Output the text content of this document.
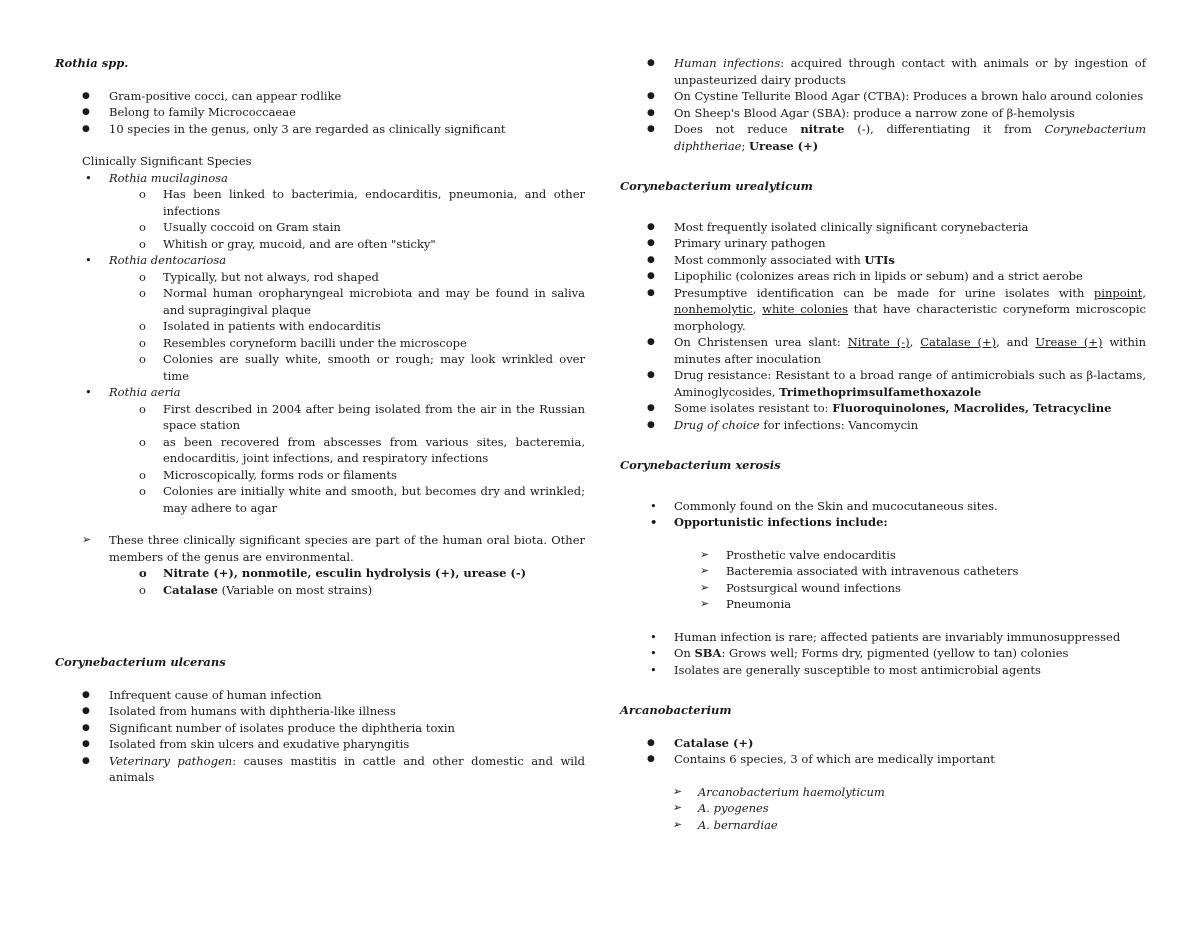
Rothia spp.

● Gram-positive cocci, can appear rodlike
● Belong to family Micrococcaeae
● 10 species in the genus, only 3 are regarded as clinically significant

Clinically Significant Species

• Rothia mucilaginosa
o Has been linked to bacterimia, endocarditis, pneumonia, and other infections
o Usually coccoid on Gram stain
o Whitish or gray, mucoid, and are often "sticky"
• Rothia dentocariosa
o Typically, but not always, rod shaped
o Normal human oropharyngeal microbiota and may be found in saliva and supragingival plaque
o Isolated in patients with endocarditis
o Resembles coryneform bacilli under the microscope
o Colonies are sually white, smooth or rough; may look wrinkled over time
• Rothia aeria
o First described in 2004 after being isolated from the air in the Russian space station
o as been recovered from abscesses from various sites, bacteremia, endocarditis, joint infections, and respiratory infections
o Microscopically, forms rods or filaments
o Colonies are initially white and smooth, but becomes dry and wrinkled; may adhere to agar
➢ These three clinically significant species are part of the human oral biota. Other members of the genus are environmental.
o Nitrate (+), nonmotile, esculin hydrolysis (+), urease (-)
o Catalase (Variable on most strains)

Corynebacterium ulcerans

● Infrequent cause of human infection
● Isolated from humans with diphtheria-like illness
● Significant number of isolates produce the diphtheria toxin
● Isolated from skin ulcers and exudative pharyngitis
● Veterinary pathogen: causes mastitis in cattle and other domestic and wild animals
● Human infections: acquired through contact with animals or by ingestion of unpasteurized dairy products
● On Cystine Tellurite Blood Agar (CTBA): Produces a brown halo around colonies
● On Sheep's Blood Agar (SBA): produce a narrow zone of β-hemolysis
● Does not reduce nitrate (-), differentiating it from Corynebacterium diphtheriae; Urease (+)

Corynebacterium urealyticum

● Most frequently isolated clinically significant corynebacteria
● Primary urinary pathogen
● Most commonly associated with UTIs
● Lipophilic (colonizes areas rich in lipids or sebum) and a strict aerobe
● Presumptive identification can be made for urine isolates with pinpoint, nonhemolytic, white colonies that have characteristic coryneform microscopic morphology.
● On Christensen urea slant: Nitrate (-), Catalase (+), and Urease (+) within minutes after inoculation
● Drug resistance: Resistant to a broad range of antimicrobials such as β-lactams, Aminoglycosides, Trimethoprimsulfamethoxazole
● Some isolates resistant to: Fluoroquinolones, Macrolides, Tetracycline
● Drug of choice for infections: Vancomycin

Corynebacterium xerosis

• Commonly found on the Skin and mucocutaneous sites.
• Opportunistic infections include:
➢ Prosthetic valve endocarditis
➢ Bacteremia associated with intravenous catheters
➢ Postsurgical wound infections
➢ Pneumonia
• Human infection is rare; affected patients are invariably immunosuppressed
• On SBA: Grows well; Forms dry, pigmented (yellow to tan) colonies
• Isolates are generally susceptible to most antimicrobial agents

Arcanobacterium

● Catalase (+)
● Contains 6 species, 3 of which are medically important
➢ Arcanobacterium haemolyticum
➢ A. pyogenes
➢ A. bernardiae
